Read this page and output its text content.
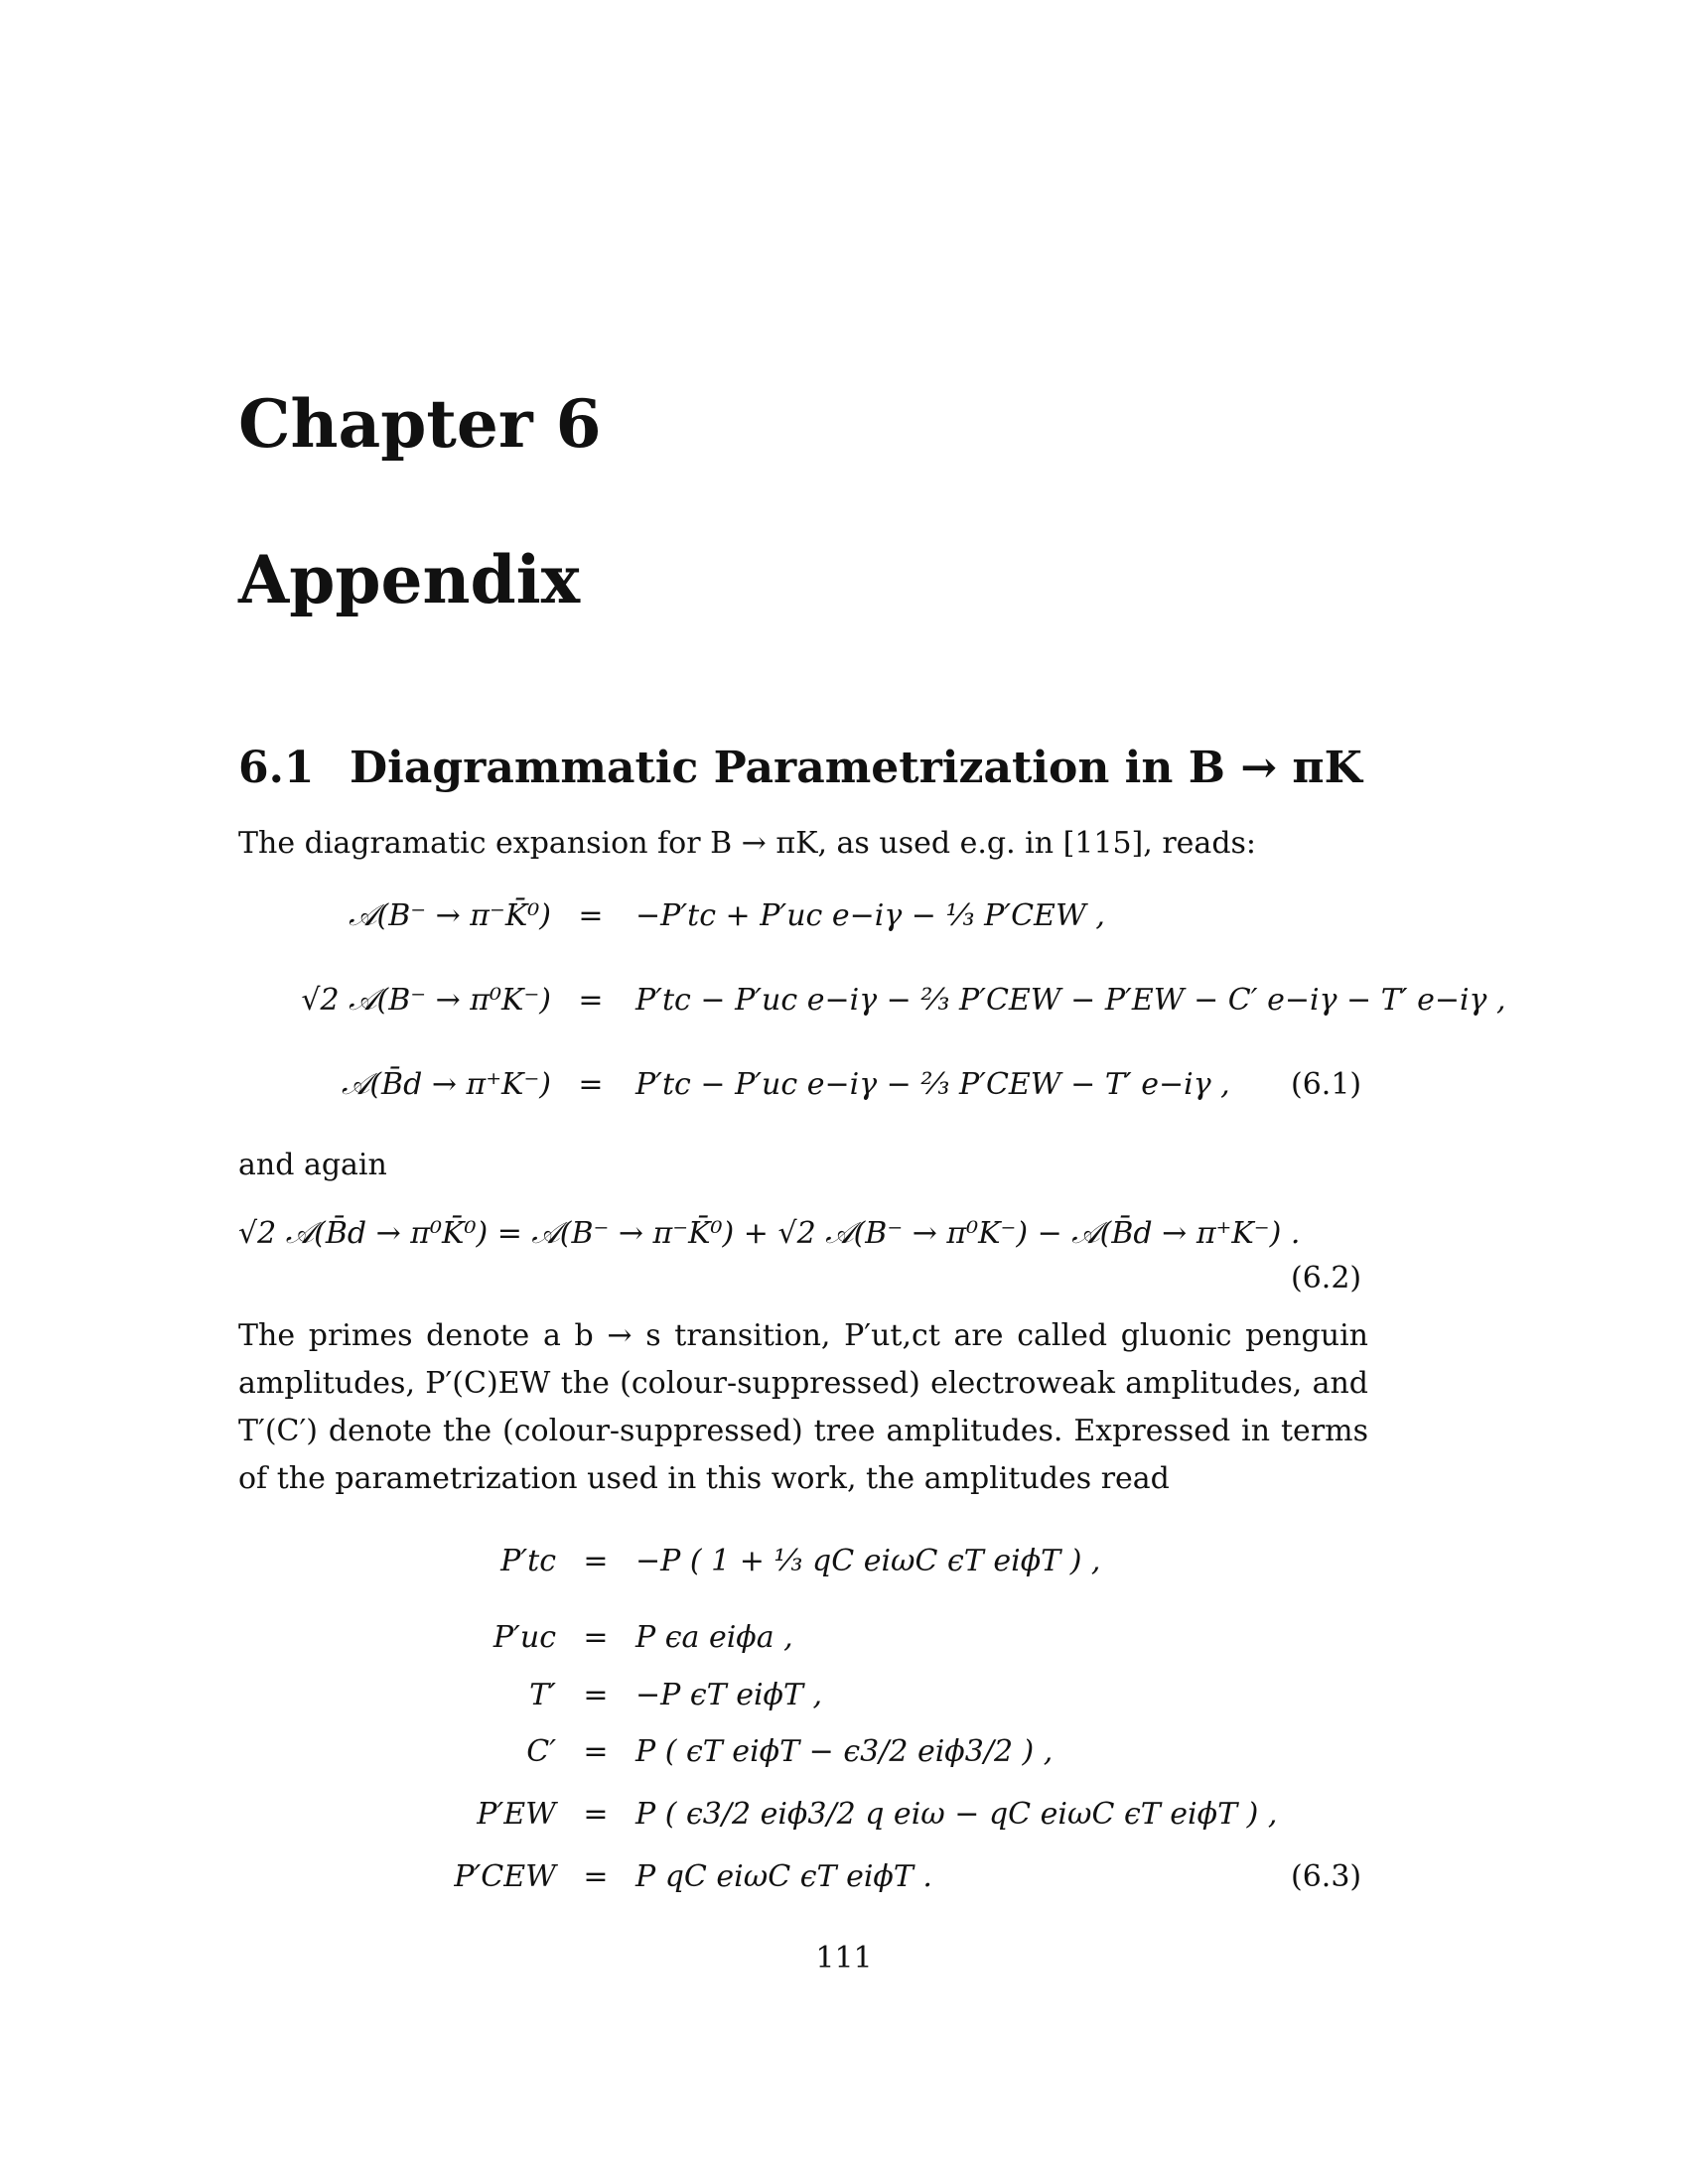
Chapter 6
Appendix
6.1 Diagrammatic Parametrization in B → πK
The diagramatic expansion for B → πK, as used e.g. in [115], reads:
𝒜(B⁻ → π⁻K̄⁰) =	−P′tc + P′uc e−iγ − ⅓ P′CEW ,
√2 𝒜(B⁻ → π⁰K⁻) =	P′tc − P′uc e−iγ − ⅔ P′CEW − P′EW − C′ e−iγ − T′ e−iγ ,
𝒜(B̄d → π⁺K⁻) =	P′tc − P′uc e−iγ − ⅔ P′CEW − T′ e−iγ , (6.1)
and again
√2 𝒜(B̄d → π⁰K̄⁰) = 𝒜(B⁻ → π⁻K̄⁰) + √2 𝒜(B⁻ → π⁰K⁻) − 𝒜(B̄d → π⁺K⁻) .
(6.2)
The primes denote a b → s transition, P′ut,ct are called gluonic penguin amplitudes, P′(C)EW the (colour-suppressed) electroweak amplitudes, and T′(C′) denote the (colour-suppressed) tree amplitudes. Expressed in terms of the parametrization used in this work, the amplitudes read
P′tc = −P ( 1 + ⅓ qC eiωC ϵT eiϕT ) ,
P′uc = P ϵa eiϕa ,
T′ = −P ϵT eiϕT ,
C′ = P ( ϵT eiϕT − ϵ3/2 eiϕ3/2 ) ,
P′EW = P ( ϵ3/2 eiϕ3/2 q eiω − qC eiωC ϵT eiϕT ) ,
P′CEW = P qC eiωC ϵT eiϕT .	(6.3)
111
